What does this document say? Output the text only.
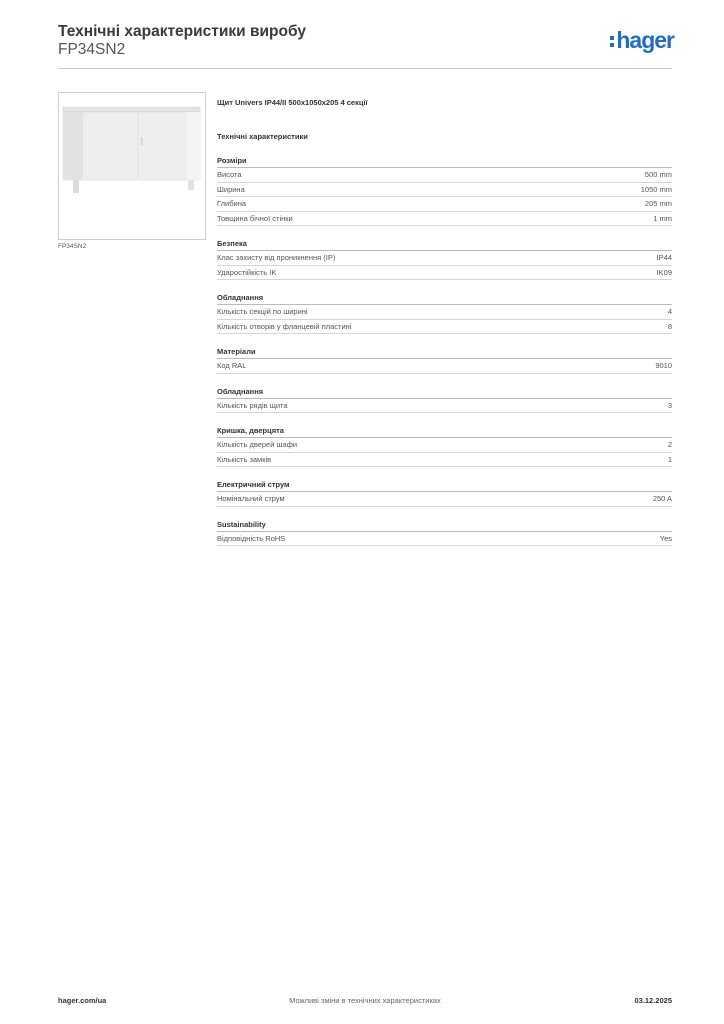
Технічні характеристики виробу
FP34SN2	hager
FP34SN2
Щит Univers IP44/II 500x1050x205 4 секції
Технічні характеристики
Розміри
Висота	500 mm
Ширина	1050 mm
Глибина	205 mm
Товщина бічної стінки	1 mm
Безпека
Клас захисту від проникнення (IP)	IP44
Ударостійкість IK	IK09
Обладнання
Кількість секцій по ширині	4
Кількість отворів у фланцевій пластині	8
Матеріали
Код RAL	9010
Обладнання
Кількість рядів щита	3
Кришка, дверцята
Кількість дверей шафи	2
Кількість замків	1
Електричний струм
Номінальний струм	250 A
Sustainability
Відповідність RoHS	Yes
hager.com/ua	Можливі зміни в технічних характеристиках	03.12.2025
